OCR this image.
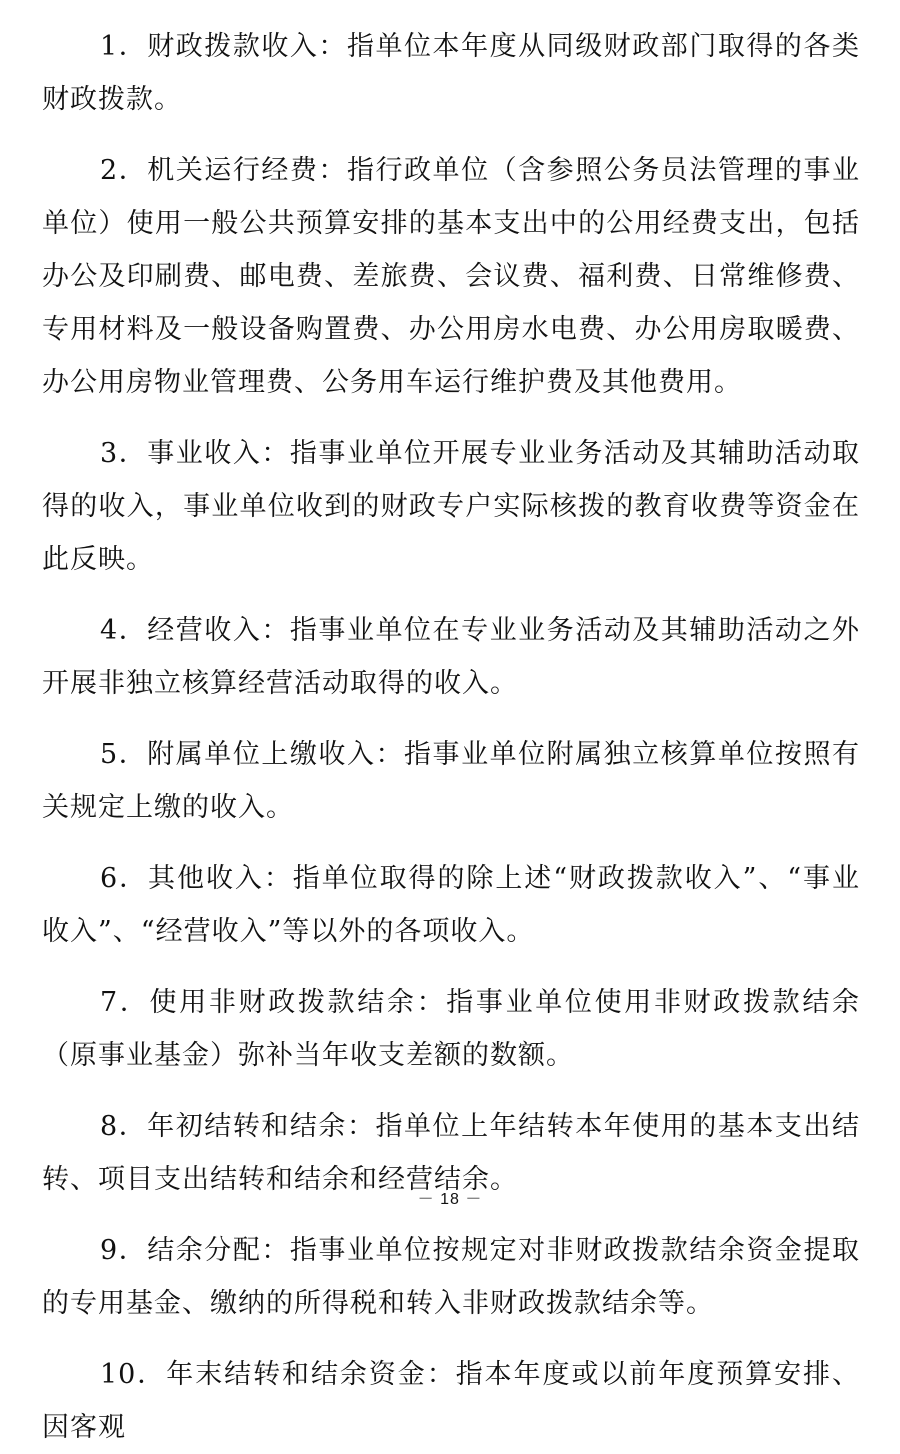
1．财政拨款收入：指单位本年度从同级财政部门取得的各类财政拨款。

2．机关运行经费：指行政单位（含参照公务员法管理的事业单位）使用一般公共预算安排的基本支出中的公用经费支出，包括办公及印刷费、邮电费、差旅费、会议费、福利费、日常维修费、专用材料及一般设备购置费、办公用房水电费、办公用房取暖费、办公用房物业管理费、公务用车运行维护费及其他费用。

3．事业收入：指事业单位开展专业业务活动及其辅助活动取得的收入，事业单位收到的财政专户实际核拨的教育收费等资金在此反映。

4．经营收入：指事业单位在专业业务活动及其辅助活动之外开展非独立核算经营活动取得的收入。

5．附属单位上缴收入：指事业单位附属独立核算单位按照有关规定上缴的收入。

6．其他收入：指单位取得的除上述“财政拨款收入”、“事业收入”、“经营收入”等以外的各项收入。

7．使用非财政拨款结余：指事业单位使用非财政拨款结余（原事业基金）弥补当年收支差额的数额。

8．年初结转和结余：指单位上年结转本年使用的基本支出结转、项目支出结转和结余和经营结余。

9．结余分配：指事业单位按规定对非财政拨款结余资金提取的专用基金、缴纳的所得税和转入非财政拨款结余等。

10．年末结转和结余资金：指本年度或以前年度预算安排、因客观

－ 18 －
